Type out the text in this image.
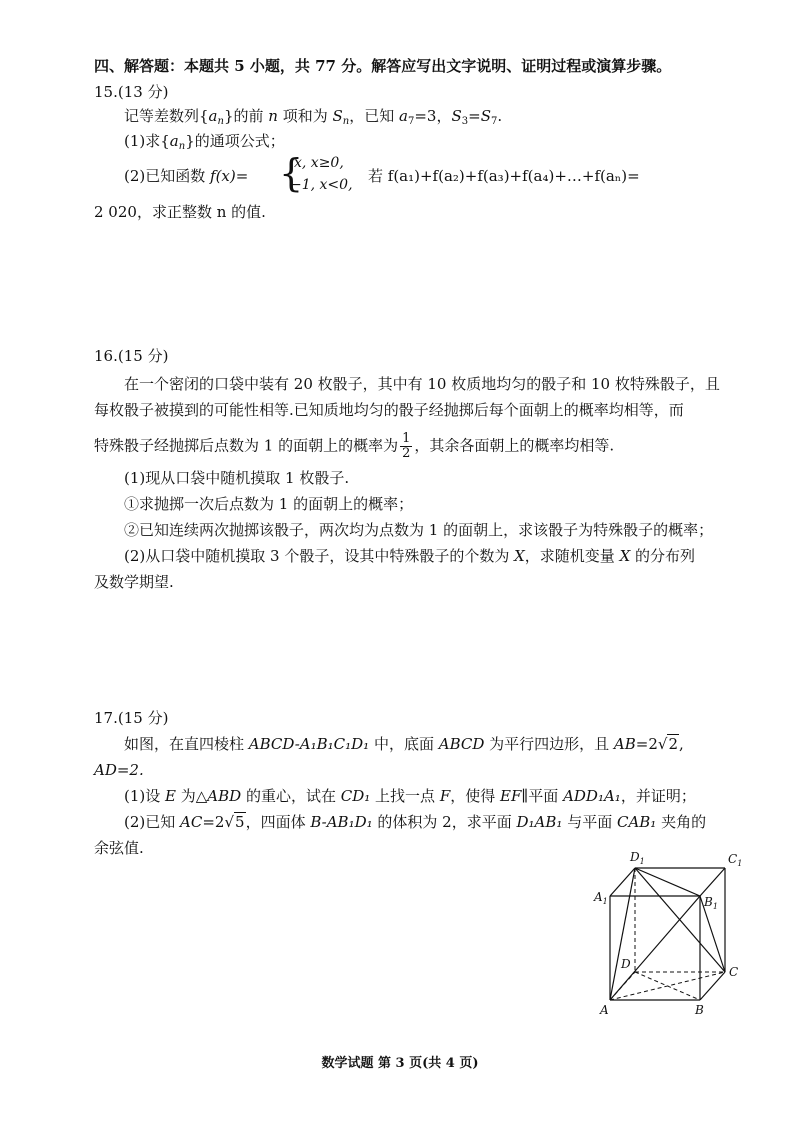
四、解答题：本题共 5 小题，共 77 分。解答应写出文字说明、证明过程或演算步骤。
15.(13 分)
记等差数列$\{a_n\}$的前 n 项和为 $S_n$，已知 $a_7=3$，$S_3=S_7$.
(1)求$\{a_n\}$的通项公式；
(2)已知函数 f(x)= {
x, x≥0,
−1, x<0, 若 f(a₁)+f(a₂)+f(a₃)+f(a₄)+…+f(aₙ)=
2 020，求正整数 n 的值.
16.(15 分)
在一个密闭的口袋中装有 20 枚骰子，其中有 10 枚质地均匀的骰子和 10 枚特殊骰子，且
每枚骰子被摸到的可能性相等.已知质地均匀的骰子经抛掷后每个面朝上的概率均相等，而
特殊骰子经抛掷后点数为 1 的面朝上的概率为 $\frac{1}{2}$ ，其余各面朝上的概率均相等.
(1)现从口袋中随机摸取 1 枚骰子.
①求抛掷一次后点数为 1 的面朝上的概率；
②已知连续两次抛掷该骰子，两次均为点数为 1 的面朝上，求该骰子为特殊骰子的概率；
(2)从口袋中随机摸取 3 个骰子，设其中特殊骰子的个数为 X，求随机变量 X 的分布列
及数学期望.
17.(15 分)
如图，在直四棱柱 ABCD-A₁B₁C₁D₁ 中，底面 ABCD 为平行四边形，且 AB=2√2,
AD=2.
(1)设 E 为△ABD 的重心，试在 CD₁ 上找一点 F，使得 EF∥平面 ADD₁A₁，并证明；
(2)已知 AC=2√5，四面体 B-AB₁D₁ 的体积为 2，求平面 D₁AB₁ 与平面 CAB₁ 夹角的
余弦值.	$D_1$	$C_1$
$A_1$	$B_1$
D
C
A	B
数学试题 第 3 页(共 4 页)
